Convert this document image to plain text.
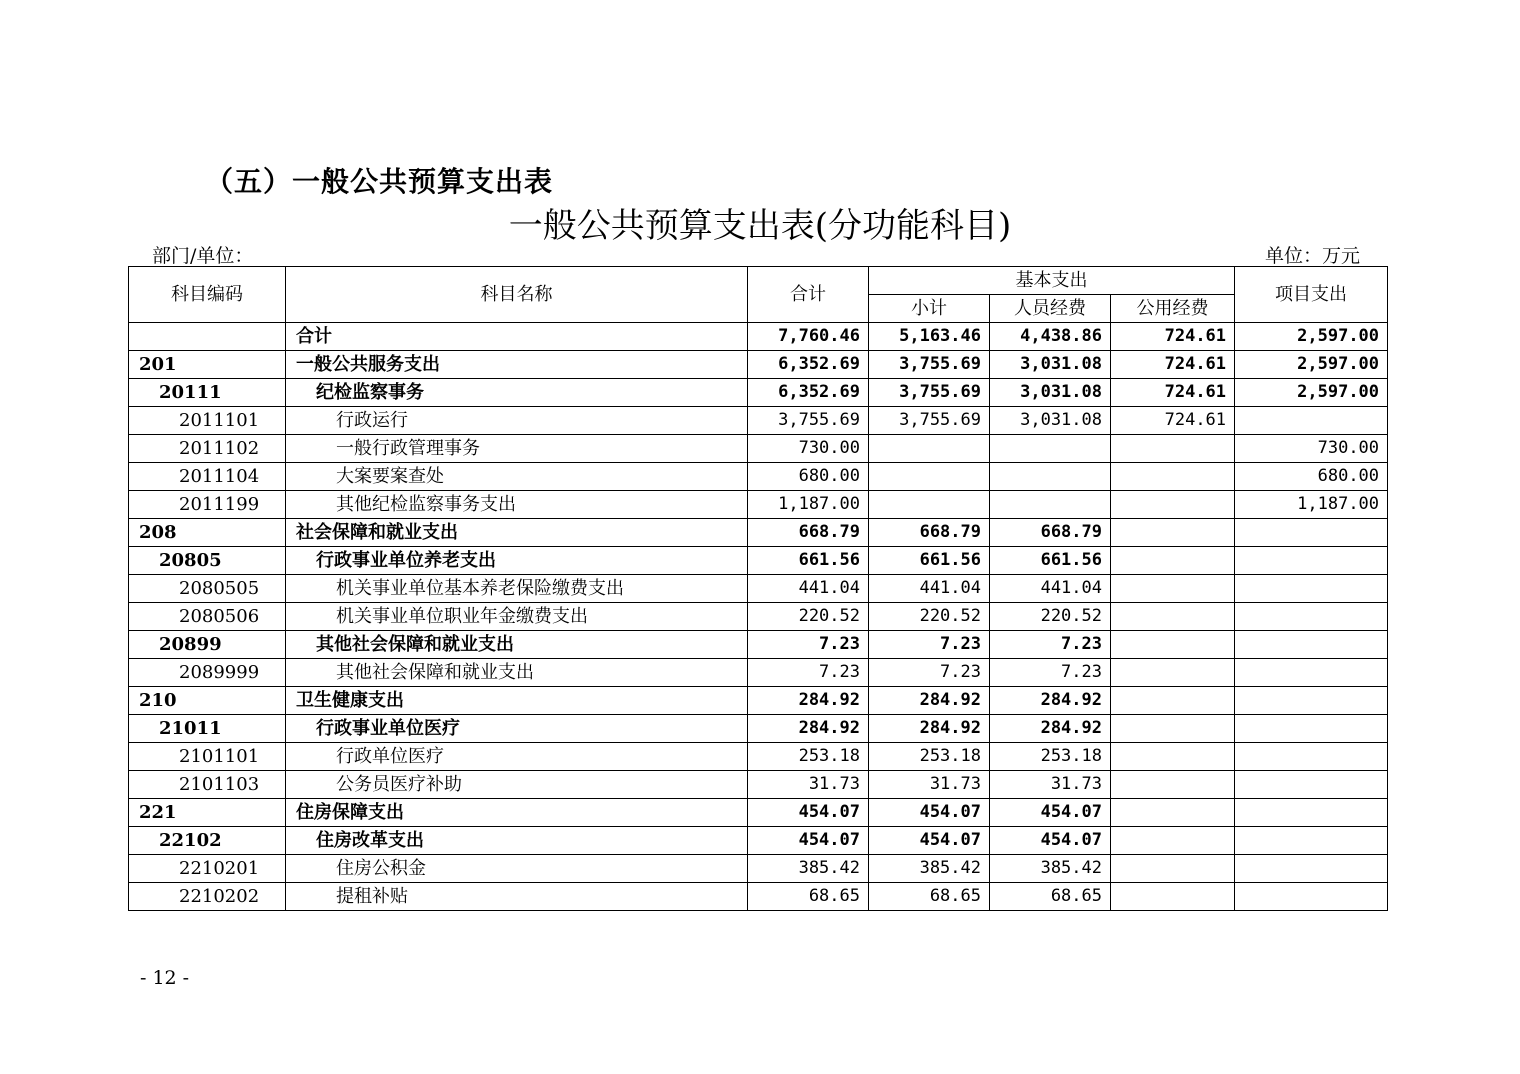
（五）一般公共预算支出表
一般公共预算支出表(分功能科目)
部门/单位：	单位：万元
科目编码	科目名称	合计	基本支出			项目支出
			小计	人员经费	公用经费	
	合计	7,760.46	5,163.46	4,438.86	724.61	2,597.00
201	一般公共服务支出	6,352.69	3,755.69	3,031.08	724.61	2,597.00
20111	纪检监察事务	6,352.69	3,755.69	3,031.08	724.61	2,597.00
2011101	行政运行	3,755.69	3,755.69	3,031.08	724.61	
2011102	一般行政管理事务	730.00				730.00
2011104	大案要案查处	680.00				680.00
2011199	其他纪检监察事务支出	1,187.00				1,187.00
208	社会保障和就业支出	668.79	668.79	668.79		
20805	行政事业单位养老支出	661.56	661.56	661.56		
2080505	机关事业单位基本养老保险缴费支出	441.04	441.04	441.04		
2080506	机关事业单位职业年金缴费支出	220.52	220.52	220.52		
20899	其他社会保障和就业支出	7.23	7.23	7.23		
2089999	其他社会保障和就业支出	7.23	7.23	7.23		
210	卫生健康支出	284.92	284.92	284.92		
21011	行政事业单位医疗	284.92	284.92	284.92		
2101101	行政单位医疗	253.18	253.18	253.18		
2101103	公务员医疗补助	31.73	31.73	31.73		
221	住房保障支出	454.07	454.07	454.07		
22102	住房改革支出	454.07	454.07	454.07		
2210201	住房公积金	385.42	385.42	385.42		
2210202	提租补贴	68.65	68.65	68.65		
- 12 -
